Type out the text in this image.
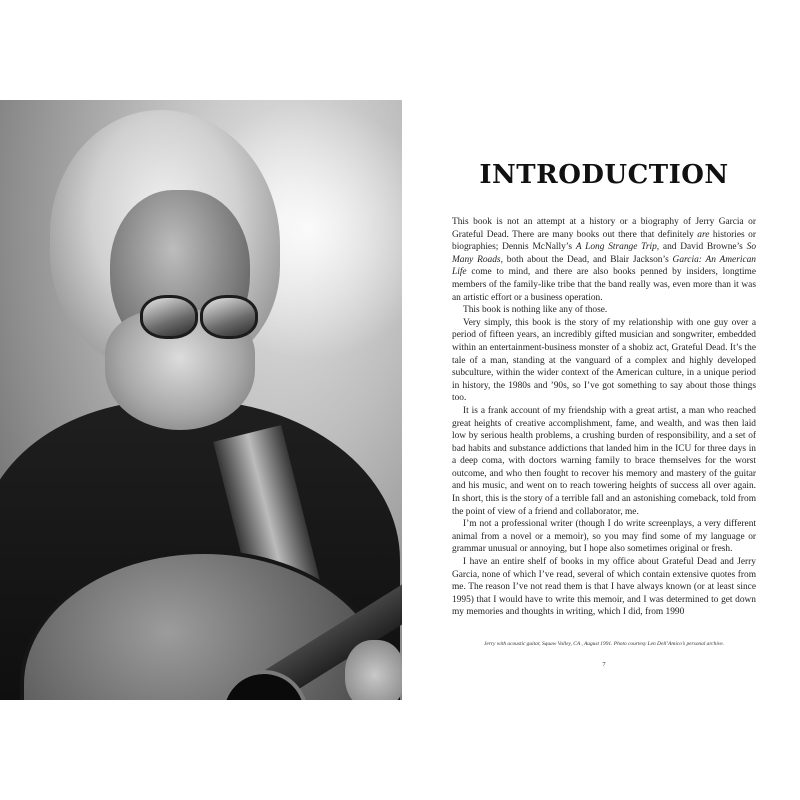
INTRODUCTION

This book is not an attempt at a history or a biography of Jerry Garcia or Grateful Dead. There are many books out there that definitely are histories or biographies; Dennis McNally’s A Long Strange Trip, and David Browne’s So Many Roads, both about the Dead, and Blair Jackson’s Garcia: An American Life come to mind, and there are also books penned by insiders, longtime members of the family-like tribe that the band really was, even more than it was an artistic effort or a business operation.

This book is nothing like any of those.

Very simply, this book is the story of my relationship with one guy over a period of fifteen years, an incredibly gifted musician and songwriter, embedded within an entertainment-business monster of a shobiz act, Grateful Dead. It’s the tale of a man, standing at the vanguard of a complex and highly developed subculture, within the wider context of the American culture, in a unique period in history, the 1980s and ’90s, so I’ve got something to say about those things too.

It is a frank account of my friendship with a great artist, a man who reached great heights of creative accomplishment, fame, and wealth, and was then laid low by serious health problems, a crushing burden of responsibility, and a set of bad habits and substance addictions that landed him in the ICU for three days in a deep coma, with doctors warning family to brace themselves for the worst outcome, and who then fought to recover his memory and mastery of the guitar and his music, and went on to reach towering heights of success all over again. In short, this is the story of a terrible fall and an astonishing comeback, told from the point of view of a friend and collaborator, me.

I’m not a professional writer (though I do write screenplays, a very different animal from a novel or a memoir), so you may find some of my language or grammar unusual or annoying, but I hope also sometimes original or fresh.

I have an entire shelf of books in my office about Grateful Dead and Jerry Garcia, none of which I’ve read, several of which contain extensive quotes from me. The reason I’ve not read them is that I have always known (or at least since 1995) that I would have to write this memoir, and I was determined to get down my memories and thoughts in writing, which I did, from 1990

Jerry with acoustic guitar, Squaw Valley, CA , August 1991. Photo courtesy Len Dell’Amico’s personal archive.
7
